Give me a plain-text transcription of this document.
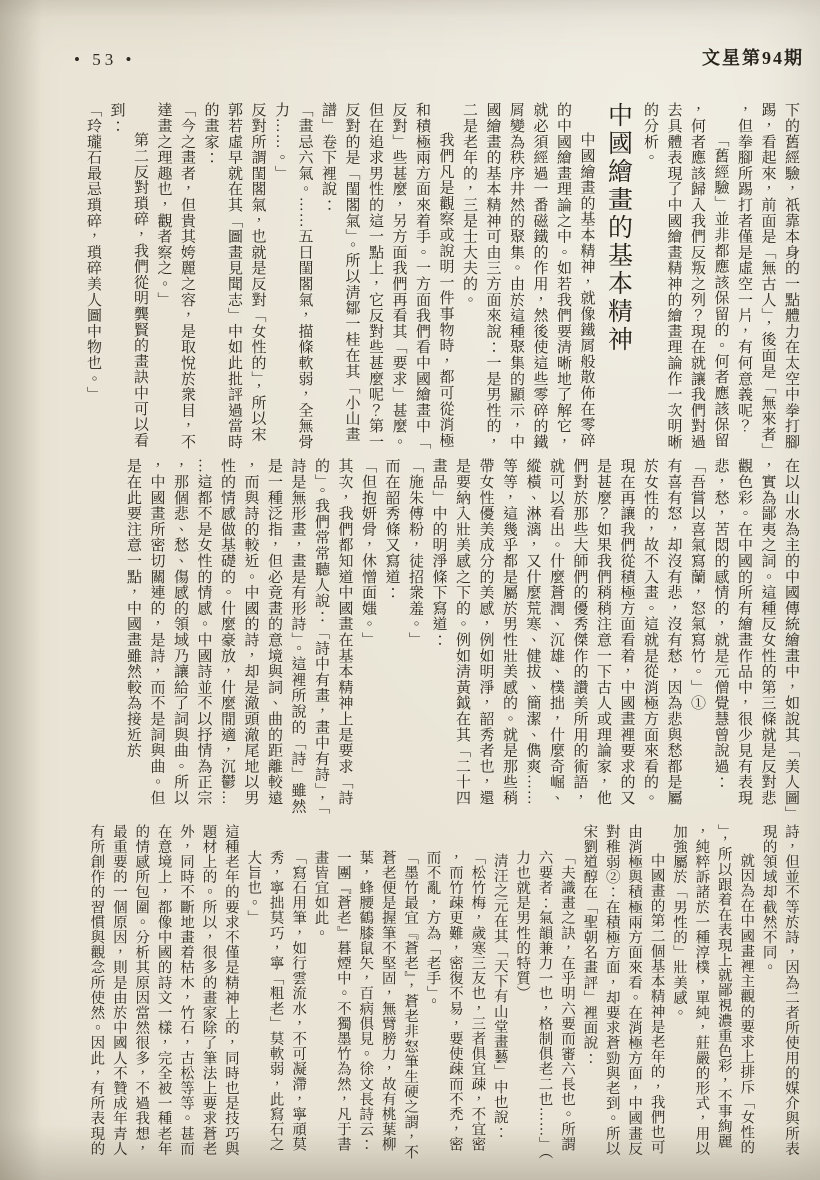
• 53 •	文星第94期

下的舊經驗，祇靠本身的一點體力在太空中拳打腳踢，看起來，前面是「無古人」，後面是「無來者」，但拳腳所踢打者僅是虛空一片，有何意義呢？

「舊經驗」並非都應該保留的。何者應該保留，何者應該歸入我們反叛之列？現在就讓我們對過去具體表現了中國繪畫精神的繪畫理論作一次明晰的分析。

中國繪畫的基本精神

中國繪畫的基本精神，就像鐵屑般散佈在零碎的中國繪畫理論之中。如若我們要清晰地了解它，就必須經過一番磁鐵的作用，然後使這些零碎的鐵屑變為秩序井然的聚集。由於這種聚集的顯示，中國繪畫的基本精神可由三方面來說：一是男性的，二是老年的，三是士大夫的。

我們凡是觀察或說明一件事物時，都可從消極和積極兩方面來着手。一方面我們看中國繪畫中「反對」些甚麼，另方面我們再看其「要求」甚麼。但在追求男性的這一點上，它反對些甚麼呢？第一反對的是「閨閣氣」。所以清鄒一桂在其「小山畫譜」卷下裡說：

「畫忌六氣。……五曰閨閣氣，描條軟弱，全無骨力……。」

反對所謂閨閣氣，也就是反對「女性的」，所以宋郭若虛早就在其「圖畫見聞志」中如此批評過當時的畫家：

「今之畫者，但貴其姱麗之容，是取悅於衆目，不達畫之理趣也，觀者察之。」

第二反對瑣碎，我們從明龔賢的畫訣中可以看到：

「玲瓏石最忌瑣碎，瑣碎美人圖中物也。」

在以山水為主的中國傳統繪畫中，如說其「美人圖」，實為鄙夷之詞。這種反女性的第三條就是反對悲觀色彩。在中國的所有繪畫作品中，很少見有表現悲，愁，苦悶的感情的，就是元僧覺慧曾說過：

「吾嘗以喜氣寫蘭，怒氣寫竹。」①

有喜有怒，却沒有悲，沒有愁，因為悲與愁都是屬於女性的，故不入畫。這就是從消極方面來看的。現在再讓我們從積極方面看着，中國畫裡要求的又是甚麼？如果我們稍稍注意一下古人或理論家，他們對於那些大師們的優秀傑作的讚美所用的術語，就可以看出。什麼蒼潤、沉雄、樸拙，什麼奇崛、縱橫、淋漓，又什麼荒寒、健拔、簡潔、儁爽……等等，這幾乎都是屬於男性壯美感的。就是那些稍帶女性優美成分的美感，例如明淨，韶秀者也，還是要納入壯美感之下的。例如清黃鉞在其「二十四畫品」中的明淨條下寫道：

「施朱傅粉，徒招衆羞。」

而在韶秀條又寫道：

「但抱妍骨，休憎面媸。」

其次，我們都知道中國畫在基本精神上是要求「詩的」。我們常常聽人說：「詩中有畫，畫中有詩」，「詩是無形畫，畫是有形詩」。這裡所說的「詩」雖然是一種泛指，但必竟畫的意境與詞、曲的距離較遠，而與詩的較近。中國的詩，却是澈頭澈尾地以男性的情感做基礎的。什麼豪放，什麼閒適，沉鬱……這都不是女性的情感。中國詩並不以抒情為正宗，那個悲、愁、傷感的領域乃讓給了詞與曲。所以，中國畫所密切關連的，是詩，而不是詞與曲。但是在此要注意一點，中國畫雖然較為接近於

詩，但並不等於詩，因為二者所使用的媒介與所表現的領域却截然不同。

就因為在中國畫裡主觀的要求上排斥「女性的」，所以跟着在表現上就鄙視濃重色彩，不事絢麗，純粹訴諸於一種淳樸，單純，莊嚴的形式，用以加強屬於「男性的」壯美感。

中國畫的第二個基本精神是老年的，我們也可由消極與積極兩方面來看。在消極方面，中國畫反對稚弱②：在積極方面，却要求蒼勁與老到。所以宋劉道醇在「聖朝名畫評」裡面說：

「夫識畫之訣，在乎明六要而審六長也。所謂六要者：氣韻兼力一也，格制俱老二也……」（力也就是男性的特質）

清汪之元在其「天下有山堂畫藝」中也說：

「松竹梅，歲寒三友也，三者俱宜疎，不宜密，而竹疎更難，密復不易，要使疎而不禿，密而不亂，方為「老手」。

「墨竹最宜『蒼老』，蒼老非怒筆生硬之謂，不蒼老便是握筆不堅固，無臂膀力，故有桃葉柳葉，蜂腰鶴膝鼠矢，百病俱見。徐文長詩云：一團『蒼老』暮煙中。不獨墨竹為然，凡于書畫皆宜如此。

「寫石用筆，如行雲流水，不可凝滯，寧頑莫秀，寧拙莫巧，寧「粗老」莫軟弱，此寫石之大旨也。」

這種老年的要求不僅是精神上的，同時也是技巧與題材上的。所以，很多的畫家除了筆法上要求蒼老外，同時不斷地畫着枯木，竹石，古松等等。甚而在意境上，都像中國的詩文一樣，完全被一種老年的情感所包圍。分析其原因當然很多，不過我想，最重要的一個原因，則是由於中國人不贊成年青人有所創作的習慣與觀念所使然。因此，有所表現的
